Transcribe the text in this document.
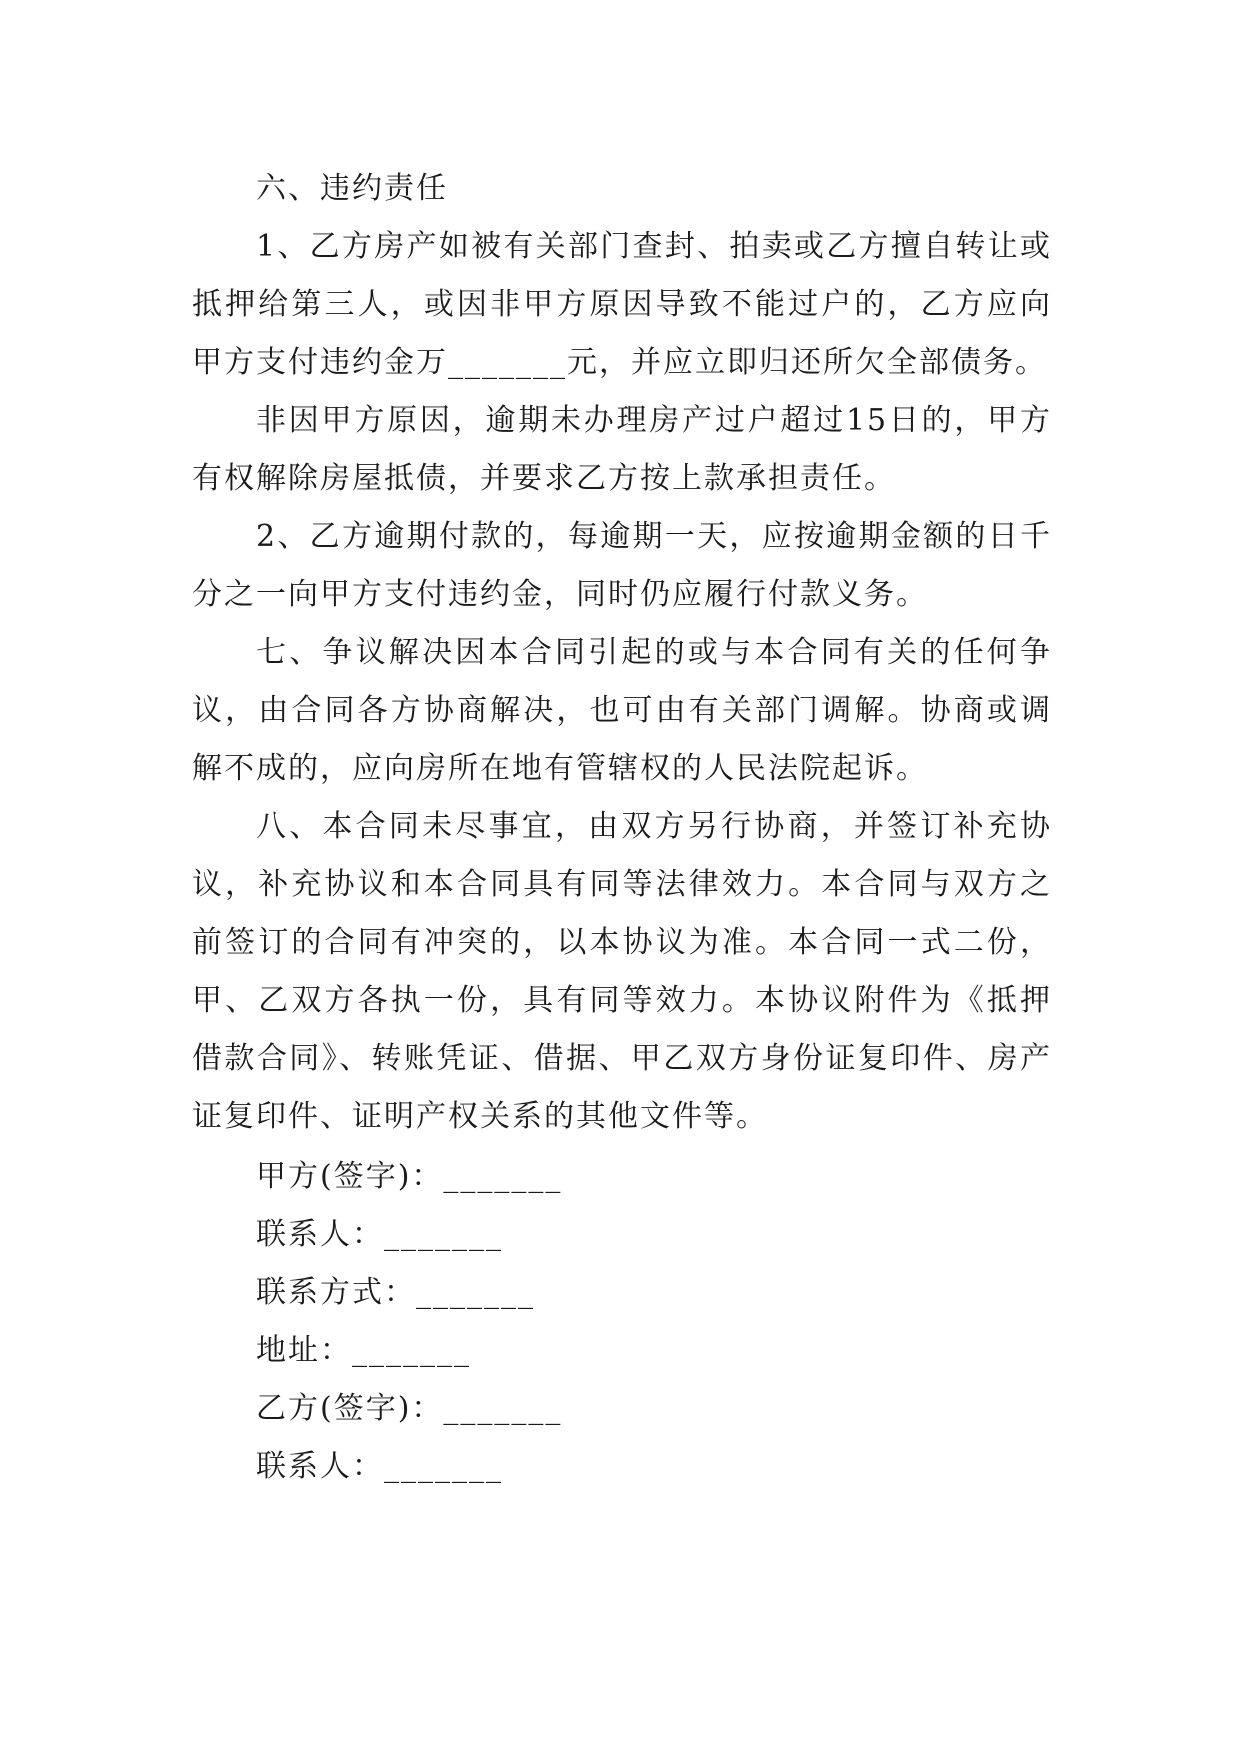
六、违约责任

1、乙方房产如被有关部门查封、拍卖或乙方擅自转让或抵押给第三人，或因非甲方原因导致不能过户的，乙方应向甲方支付违约金万_______元，并应立即归还所欠全部债务。

非因甲方原因，逾期未办理房产过户超过15日的，甲方有权解除房屋抵债，并要求乙方按上款承担责任。

2、乙方逾期付款的，每逾期一天，应按逾期金额的日千分之一向甲方支付违约金，同时仍应履行付款义务。

七、争议解决因本合同引起的或与本合同有关的任何争议，由合同各方协商解决，也可由有关部门调解。协商或调解不成的，应向房所在地有管辖权的人民法院起诉。

八、本合同未尽事宜，由双方另行协商，并签订补充协议，补充协议和本合同具有同等法律效力。本合同与双方之前签订的合同有冲突的，以本协议为准。本合同一式二份，甲、乙双方各执一份，具有同等效力。本协议附件为《抵押借款合同》、转账凭证、借据、甲乙双方身份证复印件、房产证复印件、证明产权关系的其他文件等。

甲方(签字)：_______

联系人：_______

联系方式：_______

地址：_______

乙方(签字)：_______

联系人：_______
